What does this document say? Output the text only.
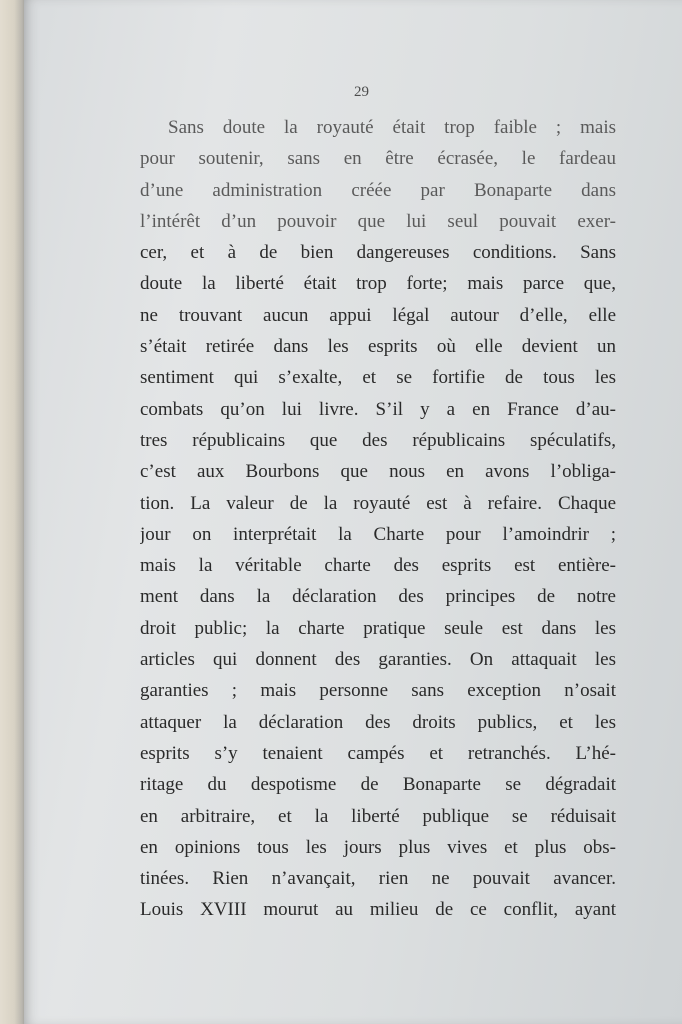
29
Sans doute la royauté était trop faible ; mais
pour soutenir, sans en être écrasée, le fardeau
d’une administration créée par Bonaparte dans
l’intérêt d’un pouvoir que lui seul pouvait exer-
cer, et à de bien dangereuses conditions. Sans
doute la liberté était trop forte; mais parce que,
ne trouvant aucun appui légal autour d’elle, elle
s’était retirée dans les esprits où elle devient un
sentiment qui s’exalte, et se fortifie de tous les
combats qu’on lui livre. S’il y a en France d’au-
tres républicains que des républicains spéculatifs,
c’est aux Bourbons que nous en avons l’obliga-
tion. La valeur de la royauté est à refaire. Chaque
jour on interprétait la Charte pour l’amoindrir ;
mais la véritable charte des esprits est entière-
ment dans la déclaration des principes de notre
droit public; la charte pratique seule est dans les
articles qui donnent des garanties. On attaquait les
garanties ; mais personne sans exception n’osait
attaquer la déclaration des droits publics, et les
esprits s’y tenaient campés et retranchés. L’hé-
ritage du despotisme de Bonaparte se dégradait
en arbitraire, et la liberté publique se réduisait
en opinions tous les jours plus vives et plus obs-
tinées. Rien n’avançait, rien ne pouvait avancer.
Louis XVIII mourut au milieu de ce conflit, ayant
